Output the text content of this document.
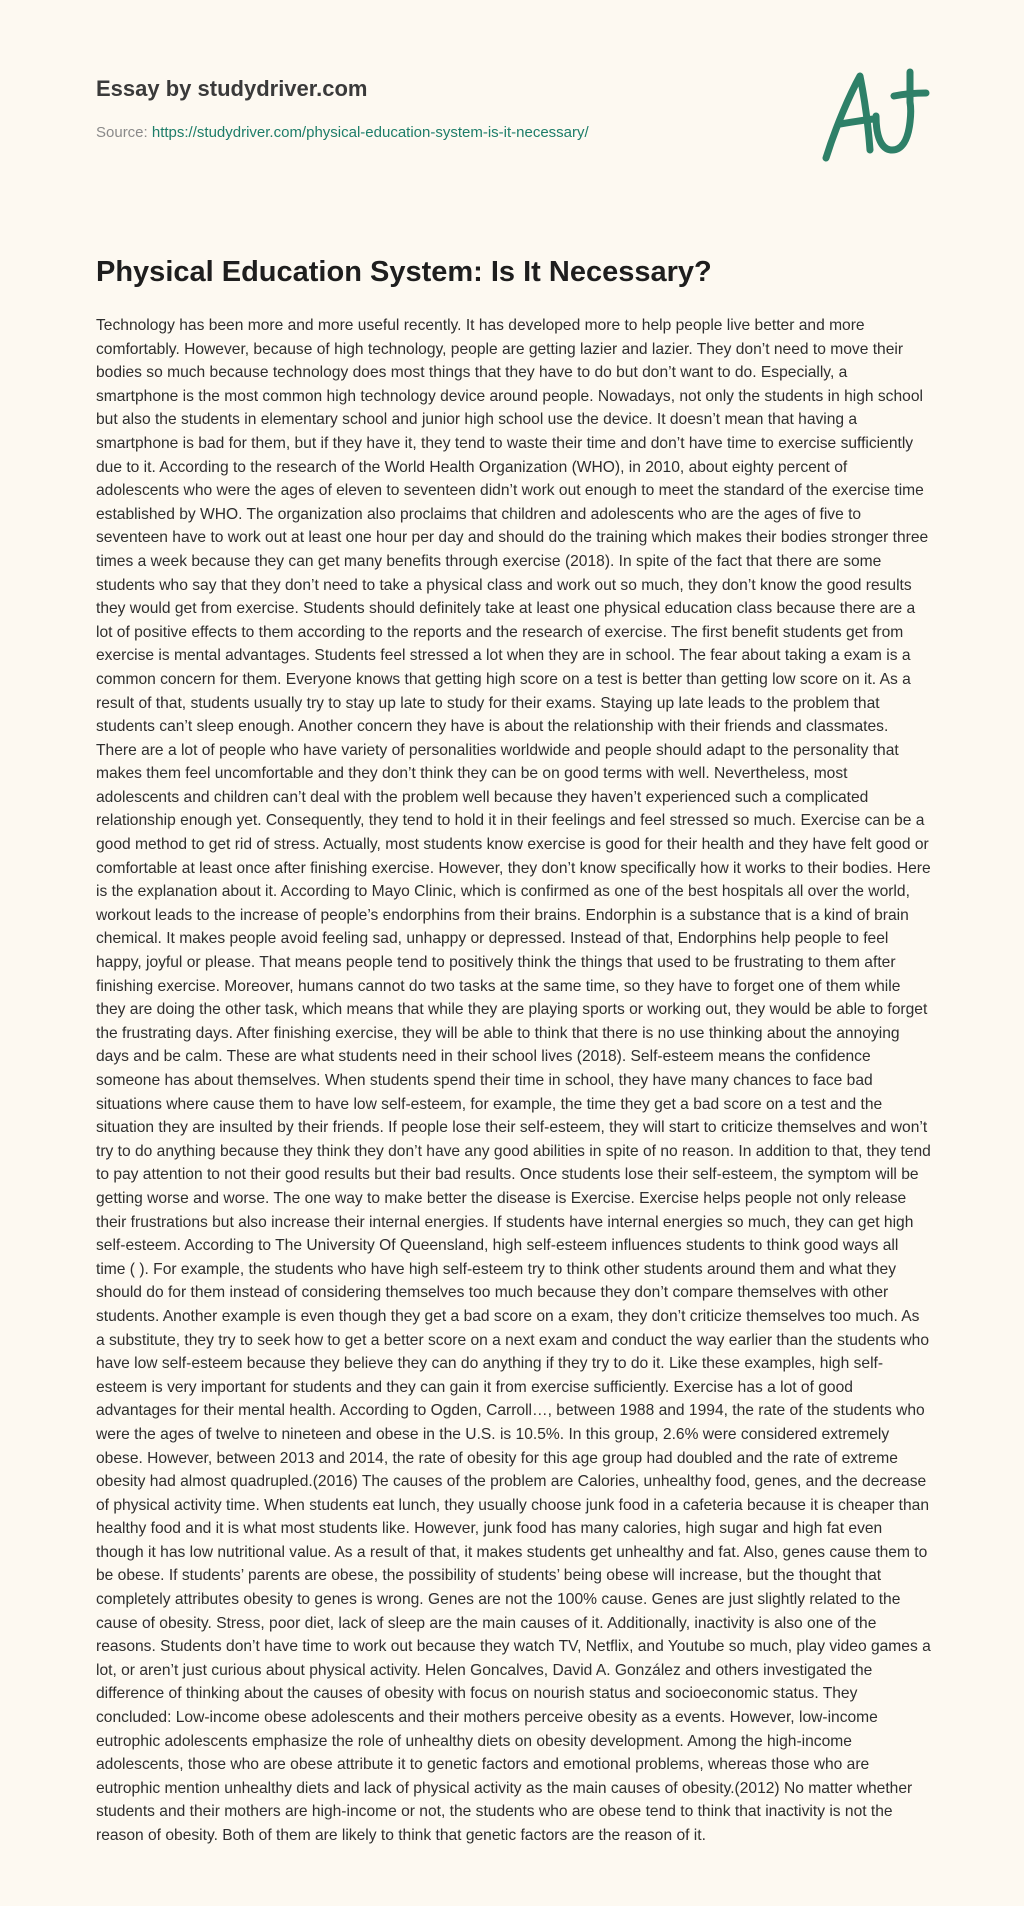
Essay by studydriver.com
Source: https://studydriver.com/physical-education-system-is-it-necessary/
Physical Education System: Is It Necessary?

Technology has been more and more useful recently. It has developed more to help people live better and more comfortably. However, because of high technology, people are getting lazier and lazier. They don’t need to move their bodies so much because technology does most things that they have to do but don’t want to do. Especially, a smartphone is the most common high technology device around people. Nowadays, not only the students in high school but also the students in elementary school and junior high school use the device. It doesn’t mean that having a smartphone is bad for them, but if they have it, they tend to waste their time and don’t have time to exercise sufficiently due to it. According to the research of the World Health Organization (WHO), in 2010, about eighty percent of adolescents who were the ages of eleven to seventeen didn’t work out enough to meet the standard of the exercise time established by WHO. The organization also proclaims that children and adolescents who are the ages of five to seventeen have to work out at least one hour per day and should do the training which makes their bodies stronger three times a week because they can get many benefits through exercise (2018). In spite of the fact that there are some students who say that they don’t need to take a physical class and work out so much, they don’t know the good results they would get from exercise. Students should definitely take at least one physical education class because there are a lot of positive effects to them according to the reports and the research of exercise. The first benefit students get from exercise is mental advantages. Students feel stressed a lot when they are in school. The fear about taking a exam is a common concern for them. Everyone knows that getting high score on a test is better than getting low score on it. As a result of that, students usually try to stay up late to study for their exams. Staying up late leads to the problem that students can’t sleep enough. Another concern they have is about the relationship with their friends and classmates. There are a lot of people who have variety of personalities worldwide and people should adapt to the personality that makes them feel uncomfortable and they don’t think they can be on good terms with well. Nevertheless, most adolescents and children can’t deal with the problem well because they haven’t experienced such a complicated relationship enough yet. Consequently, they tend to hold it in their feelings and feel stressed so much. Exercise can be a good method to get rid of stress. Actually, most students know exercise is good for their health and they have felt good or comfortable at least once after finishing exercise. However, they don’t know specifically how it works to their bodies. Here is the explanation about it. According to Mayo Clinic, which is confirmed as one of the best hospitals all over the world, workout leads to the increase of people’s endorphins from their brains. Endorphin is a substance that is a kind of brain chemical. It makes people avoid feeling sad, unhappy or depressed. Instead of that, Endorphins help people to feel happy, joyful or please. That means people tend to positively think the things that used to be frustrating to them after finishing exercise. Moreover, humans cannot do two tasks at the same time, so they have to forget one of them while they are doing the other task, which means that while they are playing sports or working out, they would be able to forget the frustrating days. After finishing exercise, they will be able to think that there is no use thinking about the annoying days and be calm. These are what students need in their school lives (2018). Self-esteem means the confidence someone has about themselves. When students spend their time in school, they have many chances to face bad situations where cause them to have low self-esteem, for example, the time they get a bad score on a test and the situation they are insulted by their friends. If people lose their self-esteem, they will start to criticize themselves and won’t try to do anything because they think they don’t have any good abilities in spite of no reason. In addition to that, they tend to pay attention to not their good results but their bad results. Once students lose their self-esteem, the symptom will be getting worse and worse. The one way to make better the disease is Exercise. Exercise helps people not only release their frustrations but also increase their internal energies. If students have internal energies so much, they can get high self-esteem. According to The University Of Queensland, high self-esteem influences students to think good ways all time ( ). For example, the students who have high self-esteem try to think other students around them and what they should do for them instead of considering themselves too much because they don’t compare themselves with other students. Another example is even though they get a bad score on a exam, they don’t criticize themselves too much. As a substitute, they try to seek how to get a better score on a next exam and conduct the way earlier than the students who have low self-esteem because they believe they can do anything if they try to do it. Like these examples, high self-esteem is very important for students and they can gain it from exercise sufficiently. Exercise has a lot of good advantages for their mental health. According to Ogden, Carroll…, between 1988 and 1994, the rate of the students who were the ages of twelve to nineteen and obese in the U.S. is 10.5%. In this group, 2.6% were considered extremely obese. However, between 2013 and 2014, the rate of obesity for this age group had doubled and the rate of extreme obesity had almost quadrupled.(2016) The causes of the problem are Calories, unhealthy food, genes, and the decrease of physical activity time. When students eat lunch, they usually choose junk food in a cafeteria because it is cheaper than healthy food and it is what most students like. However, junk food has many calories, high sugar and high fat even though it has low nutritional value. As a result of that, it makes students get unhealthy and fat. Also, genes cause them to be obese. If students’ parents are obese, the possibility of students’ being obese will increase, but the thought that completely attributes obesity to genes is wrong. Genes are not the 100% cause. Genes are just slightly related to the cause of obesity. Stress, poor diet, lack of sleep are the main causes of it. Additionally, inactivity is also one of the reasons. Students don’t have time to work out because they watch TV, Netflix, and Youtube so much, play video games a lot, or aren’t just curious about physical activity. Helen Goncalves, David A. González and others investigated the difference of thinking about the causes of obesity with focus on nourish status and socioeconomic status. They concluded: Low-income obese adolescents and their mothers perceive obesity as a events. However, low-income eutrophic adolescents emphasize the role of unhealthy diets on obesity development. Among the high-income adolescents, those who are obese attribute it to genetic factors and emotional problems, whereas those who are eutrophic mention unhealthy diets and lack of physical activity as the main causes of obesity.(2012) No matter whether students and their mothers are high-income or not, the students who are obese tend to think that inactivity is not the reason of obesity. Both of them are likely to think that genetic factors are the reason of it.
